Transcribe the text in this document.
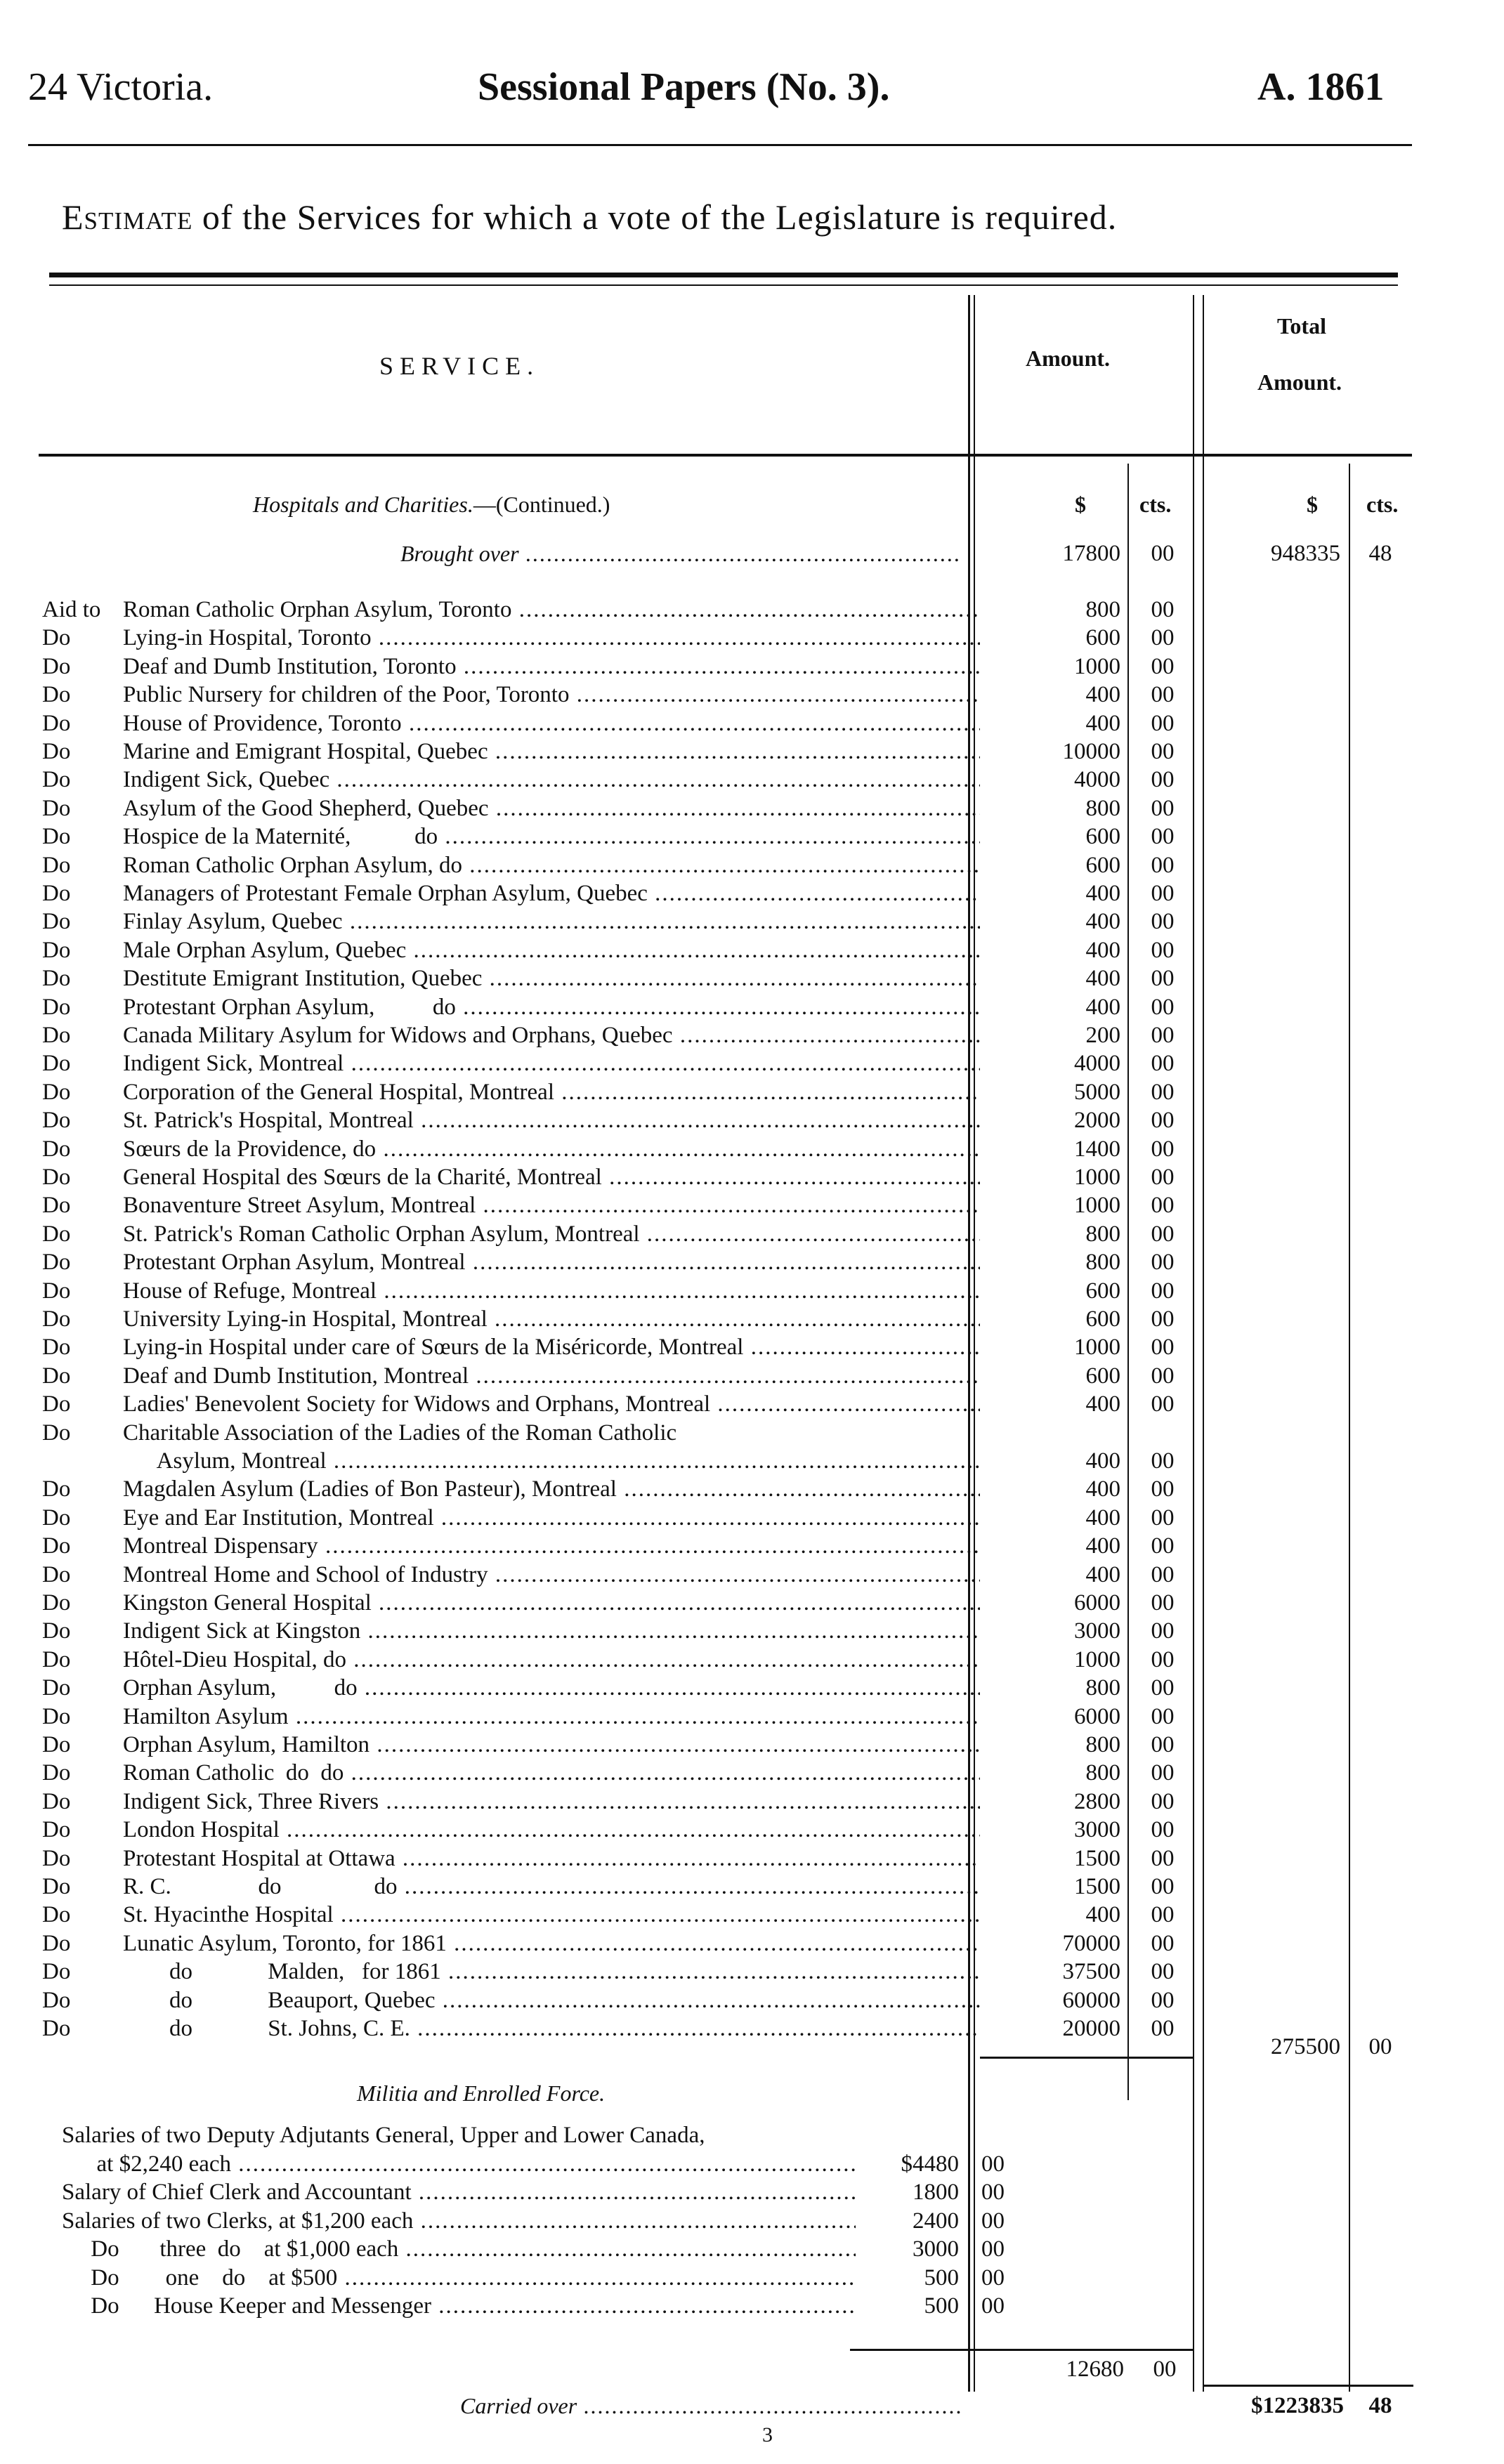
24 Victoria.	Sessional Papers (No. 3).	A. 1861
Estimate of the Services for which a vote of the Legislature is required.
SERVICE.	Amount.
Total
Amount.
$ cts.	$ cts.
Hospitals and Charities.—(Continued.)
Brought over .....	17800	00	948335	48
Aid to Roman Catholic Orphan Asylum, Toronto .....	800	00
Do	Lying-in Hospital, Toronto .....	600	00
Do	Deaf and Dumb Institution, Toronto .....	1000	00
Do	Public Nursery for children of the Poor, Toronto .....	400	00
Do	House of Providence, Toronto .....	400	00
Do	Marine and Emigrant Hospital, Quebec .....	10000	00
Do	Indigent Sick, Quebec .....	4000	00
Do	Asylum of the Good Shepherd, Quebec .....	800	00
Do	Hospice de la Maternité,           do .....	600	00
Do	Roman Catholic Orphan Asylum, do .....	600	00
Do	Managers of Protestant Female Orphan Asylum, Quebec .....	400	00
Do	Finlay Asylum, Quebec .....	400	00
Do	Male Orphan Asylum, Quebec .....	400	00
Do	Destitute Emigrant Institution, Quebec .....	400	00
Do	Protestant Orphan Asylum,          do .....	400	00
Do	Canada Military Asylum for Widows and Orphans, Quebec .....	200	00
Do	Indigent Sick, Montreal .....	4000	00
Do	Corporation of the General Hospital, Montreal .....	5000	00
Do	St. Patrick's Hospital, Montreal .....	2000	00
Do	Sœurs de la Providence, do .....	1400	00
Do	General Hospital des Sœurs de la Charité, Montreal .....	1000	00
Do	Bonaventure Street Asylum, Montreal .....	1000	00
Do	St. Patrick's Roman Catholic Orphan Asylum, Montreal .....	800	00
Do	Protestant Orphan Asylum, Montreal .....	800	00
Do	House of Refuge, Montreal .....	600	00
Do	University Lying-in Hospital, Montreal .....	600	00
Do	Lying-in Hospital under care of Sœurs de la Miséricorde, Montreal .....	1000	00
Do	Deaf and Dumb Institution, Montreal .....	600	00
Do	Ladies' Benevolent Society for Widows and Orphans, Montreal .....	400	00
Do	Charitable Association of the Ladies of the Roman Catholic
Asylum, Montreal .....	400	00
Do	Magdalen Asylum (Ladies of Bon Pasteur), Montreal .....	400	00
Do	Eye and Ear Institution, Montreal .....	400	00
Do	Montreal Dispensary .....	400	00
Do	Montreal Home and School of Industry .....	400	00
Do	Kingston General Hospital .....	6000	00
Do	Indigent Sick at Kingston .....	3000	00
Do	Hôtel-Dieu Hospital, do .....	1000	00
Do	Orphan Asylum,          do .....	800	00
Do	Hamilton Asylum .....	6000	00
Do	Orphan Asylum, Hamilton .....	800	00
Do	Roman Catholic  do  do .....	800	00
Do	Indigent Sick, Three Rivers .....	2800	00
Do	London Hospital .....	3000	00
Do	Protestant Hospital at Ottawa .....	1500	00
Do	R. C.               do                do .....	1500	00
Do	St. Hyacinthe Hospital .....	400	00
Do	Lunatic Asylum, Toronto, for 1861 .....	70000	00
Do	do             Malden,   for 1861 .....	37500	00
Do	do             Beauport, Quebec .....	60000	00
Do	do             St. Johns, C. E. .....	20000	00
275500	00
Militia and Enrolled Force.
Salaries of two Deputy Adjutants General, Upper and Lower Canada,
at $2,240 each .....	$4480 00
Salary of Chief Clerk and Accountant .....	1800 00
Salaries of two Clerks, at $1,200 each .....	2400 00
Do       three  do    at $1,000 each .....	3000 00
Do        one    do    at $500 .....	500 00
Do      House Keeper and Messenger .....	500 00
12680	00
Carried over .....	$1223835	48
3
